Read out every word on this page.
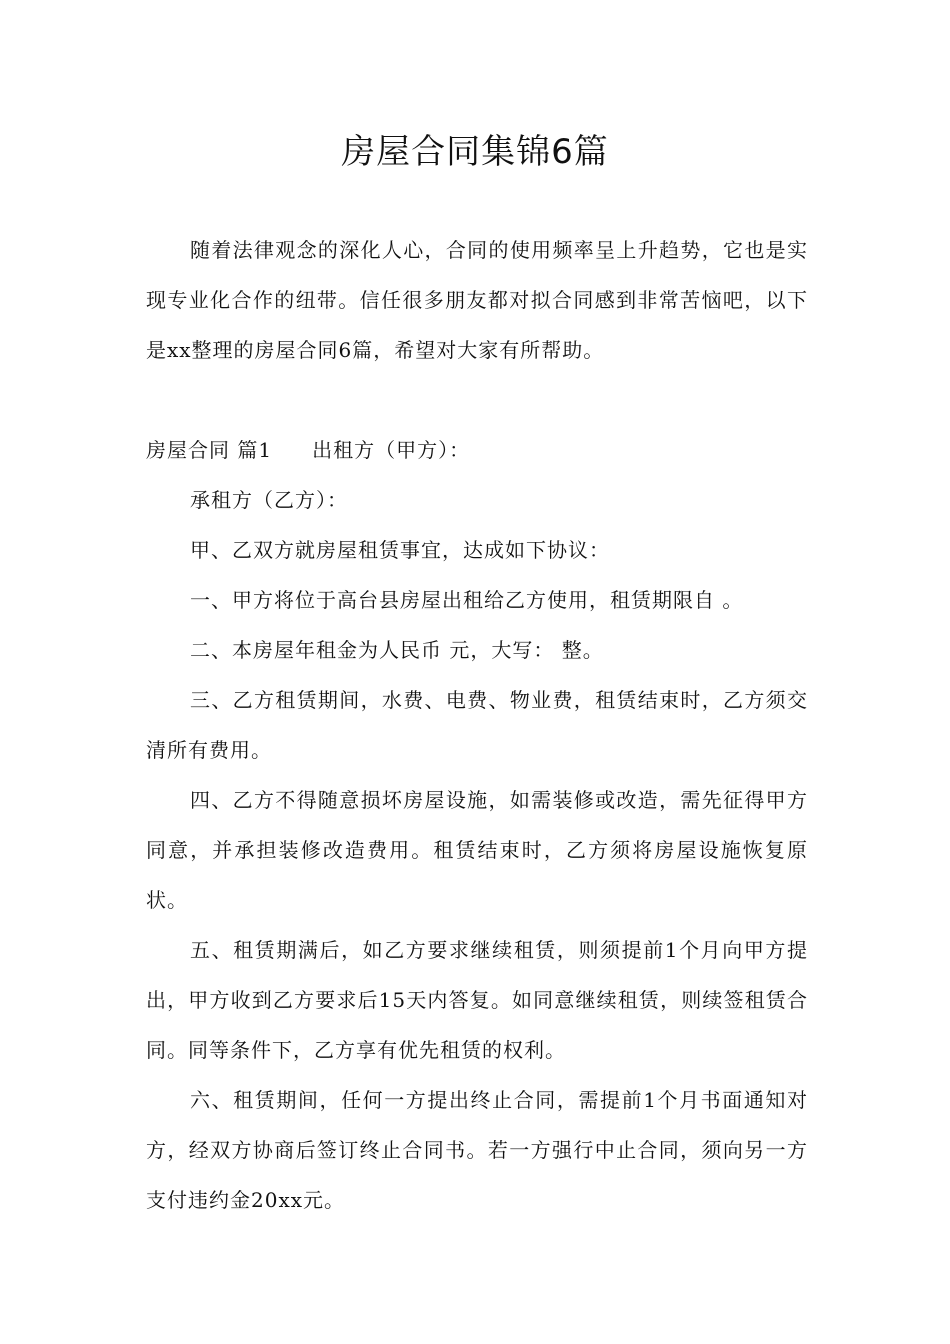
房屋合同集锦6篇

随着法律观念的深化人心，合同的使用频率呈上升趋势，它也是实现专业化合作的纽带。信任很多朋友都对拟合同感到非常苦恼吧，以下是xx整理的房屋合同6篇，希望对大家有所帮助。

房屋合同 篇1 出租方（甲方）：

承租方（乙方）：

甲、乙双方就房屋租赁事宜，达成如下协议：

一、甲方将位于高台县房屋出租给乙方使用，租赁期限自 。

二、本房屋年租金为人民币 元，大写： 整。

三、乙方租赁期间，水费、电费、物业费，租赁结束时，乙方须交清所有费用。

四、乙方不得随意损坏房屋设施，如需装修或改造，需先征得甲方同意，并承担装修改造费用。租赁结束时，乙方须将房屋设施恢复原状。

五、租赁期满后，如乙方要求继续租赁，则须提前1个月向甲方提出，甲方收到乙方要求后15天内答复。如同意继续租赁，则续签租赁合同。同等条件下，乙方享有优先租赁的权利。

六、租赁期间，任何一方提出终止合同，需提前1个月书面通知对方，经双方协商后签订终止合同书。若一方强行中止合同，须向另一方支付违约金20xx元。
